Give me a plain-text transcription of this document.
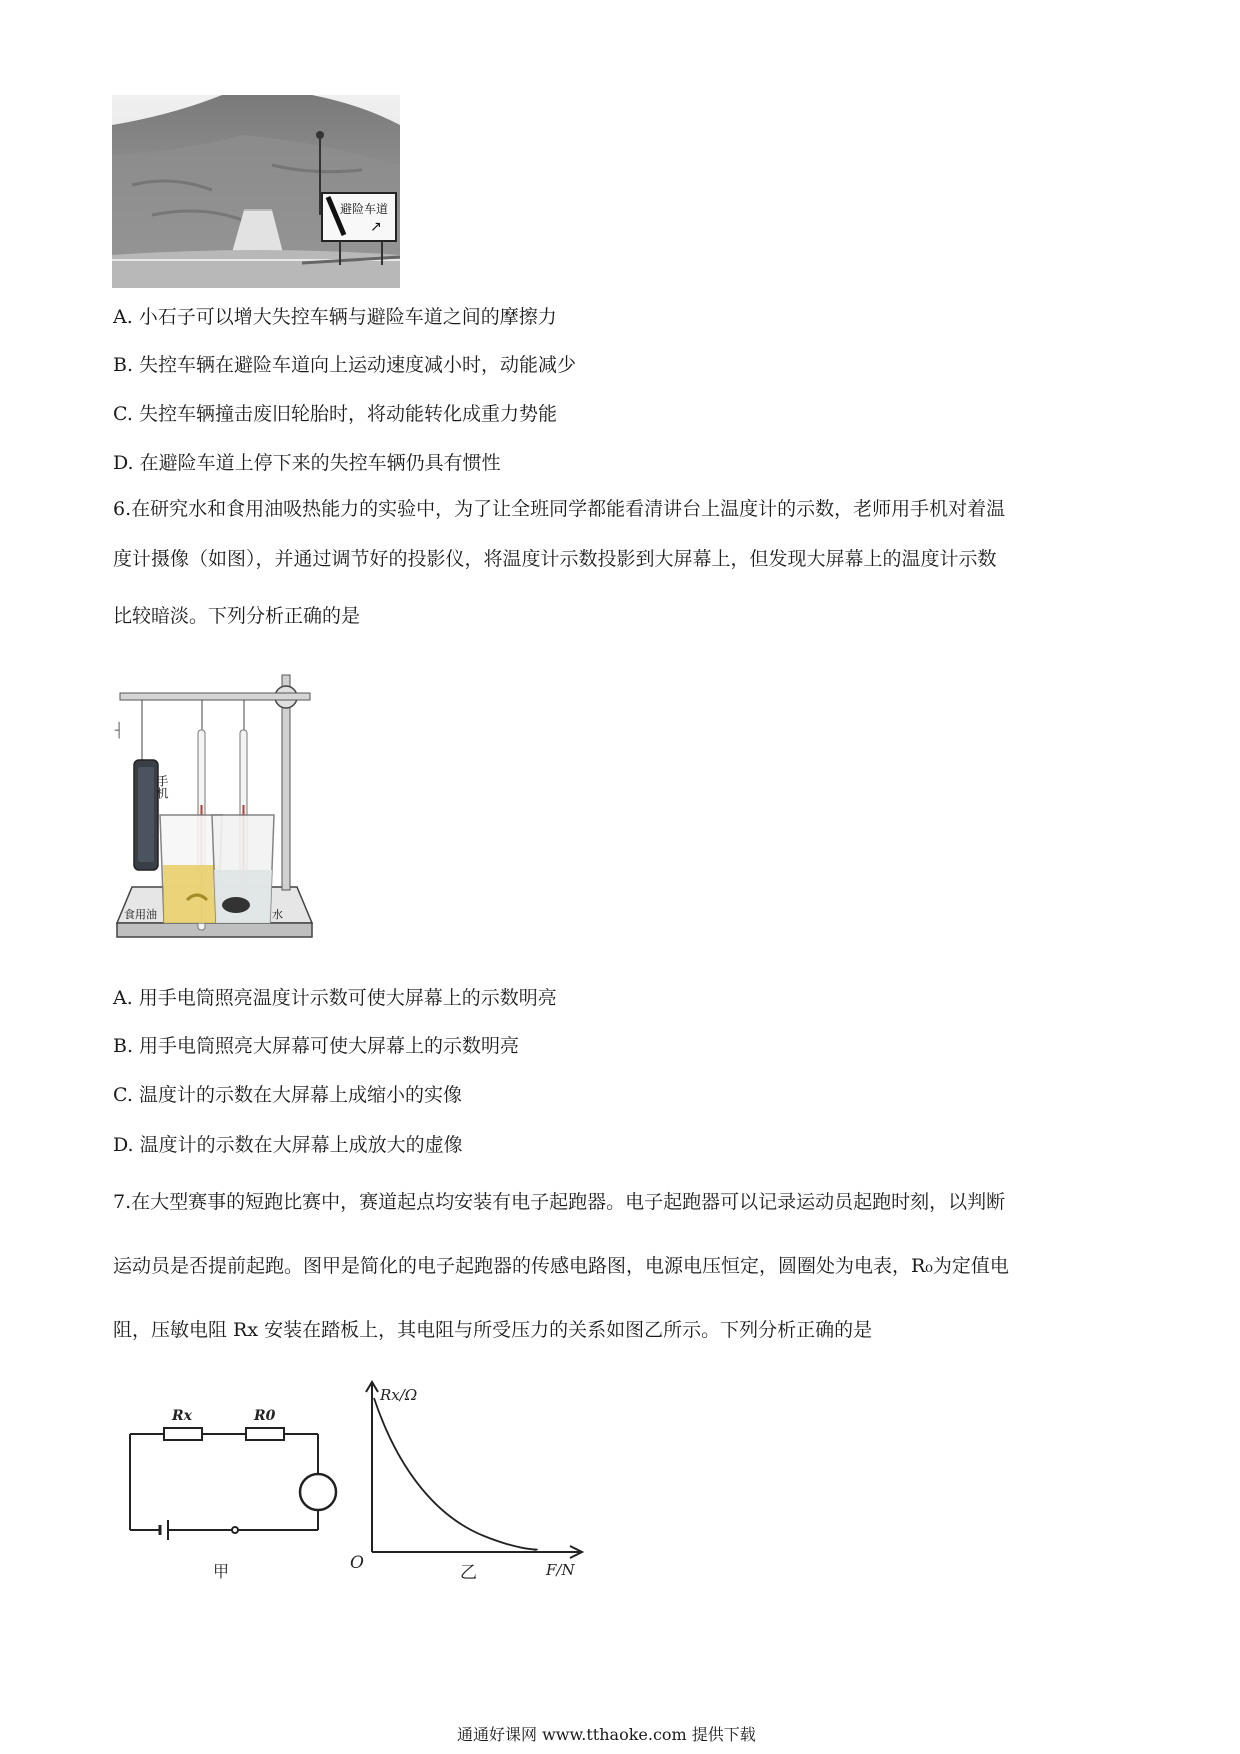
避险车道
↗
A. 小石子可以增大失控车辆与避险车道之间的摩擦力
B. 失控车辆在避险车道向上运动速度减小时，动能减少
C. 失控车辆撞击废旧轮胎时，将动能转化成重力势能
D. 在避险车道上停下来的失控车辆仍具有惯性
6.在研究水和食用油吸热能力的实验中，为了让全班同学都能看清讲台上温度计的示数，老师用手机对着温
度计摄像（如图），并通过调节好的投影仪，将温度计示数投影到大屏幕上，但发现大屏幕上的温度计示数
比较暗淡。下列分析正确的是
手机
┤
食用油	水
A. 用手电筒照亮温度计示数可使大屏幕上的示数明亮
B. 用手电筒照亮大屏幕可使大屏幕上的示数明亮
C. 温度计的示数在大屏幕上成缩小的实像
D. 温度计的示数在大屏幕上成放大的虚像
7.在大型赛事的短跑比赛中，赛道起点均安装有电子起跑器。电子起跑器可以记录运动员起跑时刻，以判断
运动员是否提前起跑。图甲是简化的电子起跑器的传感电路图，电源电压恒定，圆圈处为电表，R₀为定值电
阻，压敏电阻 Rx 安装在踏板上，其电阻与所受压力的关系如图乙所示。下列分析正确的是
Rx	R0
甲
Rx/Ω
F/N
O	乙
通通好课网 www.tthaoke.com 提供下载
